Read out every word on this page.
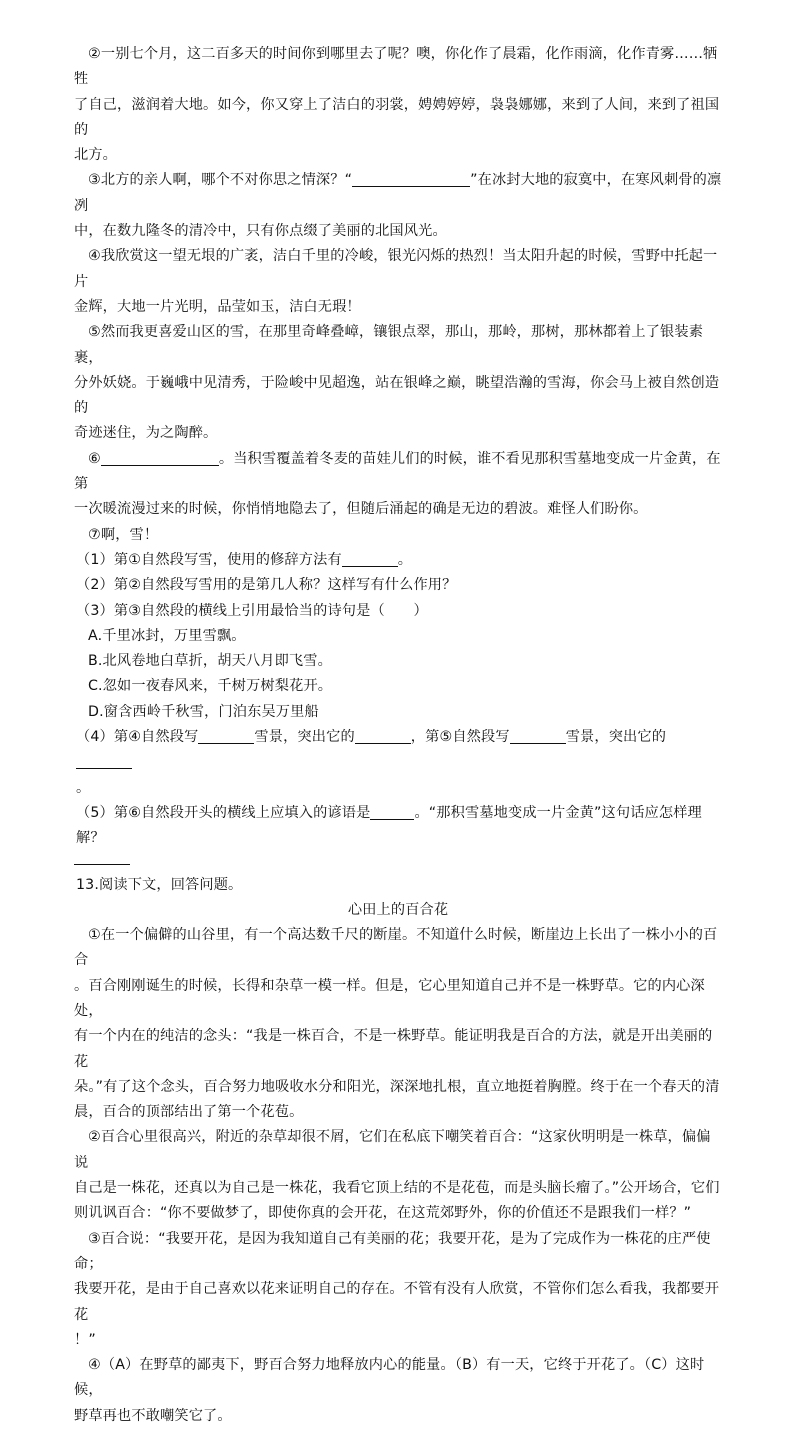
②一别七个月，这二百多天的时间你到哪里去了呢？噢，你化作了晨霜，化作雨滴，化作青雾……牺牲
了自己，滋润着大地。如今，你又穿上了洁白的羽裳，娉娉婷婷，袅袅娜娜，来到了人间，来到了祖国的
北方。
③北方的亲人啊，哪个不对你思之情深？“	”在冰封大地的寂寞中，在寒风刺骨的凛冽
中，在数九隆冬的清冷中，只有你点缀了美丽的北国风光。
④我欣赏这一望无垠的广袤，洁白千里的冷峻，银光闪烁的热烈！当太阳升起的时候，雪野中托起一片
金辉，大地一片光明，品莹如玉，洁白无瑕！
⑤然而我更喜爱山区的雪，在那里奇峰叠嶂，镶银点翠，那山，那岭，那树，那林都着上了银装素裹，
分外妖娆。于巍峨中见清秀，于险峻中见超逸，站在银峰之巅，眺望浩瀚的雪海，你会马上被自然创造的
奇迹迷住，为之陶醉。
⑥	。当积雪覆盖着冬麦的苗娃儿们的时候，谁不看见那积雪墓地变成一片金黄，在第
一次暖流漫过来的时候，你悄悄地隐去了，但随后涌起的确是无边的碧波。难怪人们盼你。
⑦啊，雪！
（1）第①自然段写雪，使用的修辞方法有	。
（2）第②自然段写雪用的是第几人称？这样写有什么作用？
（3）第③自然段的横线上引用最恰当的诗句是（　　）
A.千里冰封，万里雪飘。
B.北风卷地白草折，胡天八月即飞雪。
C.忽如一夜春风来，千树万树梨花开。
D.窗含西岭千秋雪，门泊东吴万里船
（4）第④自然段写	雪景，突出它的	，第⑤自然段写	雪景，突出它的
。
（5）第⑥自然段开头的横线上应填入的谚语是	。“那积雪墓地变成一片金黄”这句话应怎样理解？
13.阅读下文，回答问题。
心田上的百合花
①在一个偏僻的山谷里，有一个高达数千尺的断崖。不知道什么时候，断崖边上长出了一株小小的百合
。百合刚刚诞生的时候，长得和杂草一模一样。但是，它心里知道自己并不是一株野草。它的内心深处，
有一个内在的纯洁的念头：“我是一株百合，不是一株野草。能证明我是百合的方法，就是开出美丽的花
朵。”有了这个念头，百合努力地吸收水分和阳光，深深地扎根，直立地挺着胸膛。终于在一个春天的清
晨，百合的顶部结出了第一个花苞。
②百合心里很高兴，附近的杂草却很不屑，它们在私底下嘲笑着百合：“这家伙明明是一株草，偏偏说
自己是一株花，还真以为自己是一株花，我看它顶上结的不是花苞，而是头脑长瘤了。”公开场合，它们
则讥讽百合：“你不要做梦了，即使你真的会开花，在这荒郊野外，你的价值还不是跟我们一样？”
③百合说：“我要开花，是因为我知道自己有美丽的花；我要开花，是为了完成作为一株花的庄严使命；
我要开花，是由于自己喜欢以花来证明自己的存在。不管有没有人欣赏，不管你们怎么看我，我都要开花
！”
④（A）在野草的鄙夷下，野百合努力地释放内心的能量。（B）有一天，它终于开花了。（C）这时候，
野草再也不敢嘲笑它了。
